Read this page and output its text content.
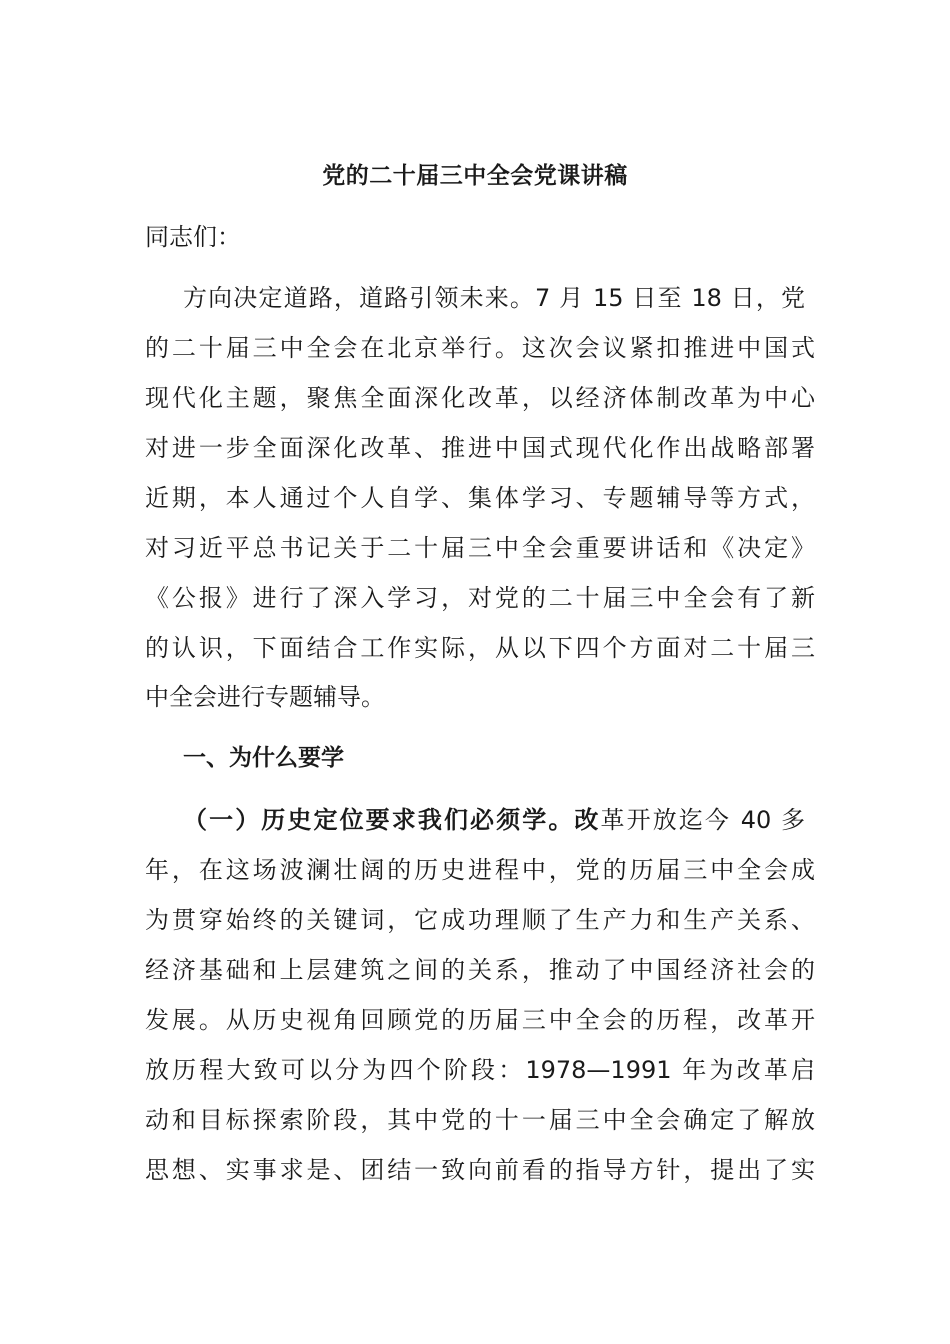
党的二十届三中全会党课讲稿
同志们：
方向决定道路，道路引领未来。7 月 15 日至 18 日，党
的二十届三中全会在北京举行。这次会议紧扣推进中国式
现代化主题，聚焦全面深化改革，以经济体制改革为中心
对进一步全面深化改革、推进中国式现代化作出战略部署
近期，本人通过个人自学、集体学习、专题辅导等方式，
对习近平总书记关于二十届三中全会重要讲话和《决定》
《公报》进行了深入学习，对党的二十届三中全会有了新
的认识，下面结合工作实际，从以下四个方面对二十届三
中全会进行专题辅导。
一、为什么要学
（一）历史定位要求我们必须学。改革开放迄今 40 多
年，在这场波澜壮阔的历史进程中，党的历届三中全会成
为贯穿始终的关键词，它成功理顺了生产力和生产关系、
经济基础和上层建筑之间的关系，推动了中国经济社会的
发展。从历史视角回顾党的历届三中全会的历程，改革开
放历程大致可以分为四个阶段：1978—1991 年为改革启
动和目标探索阶段，其中党的十一届三中全会确定了解放
思想、实事求是、团结一致向前看的指导方针，提出了实
